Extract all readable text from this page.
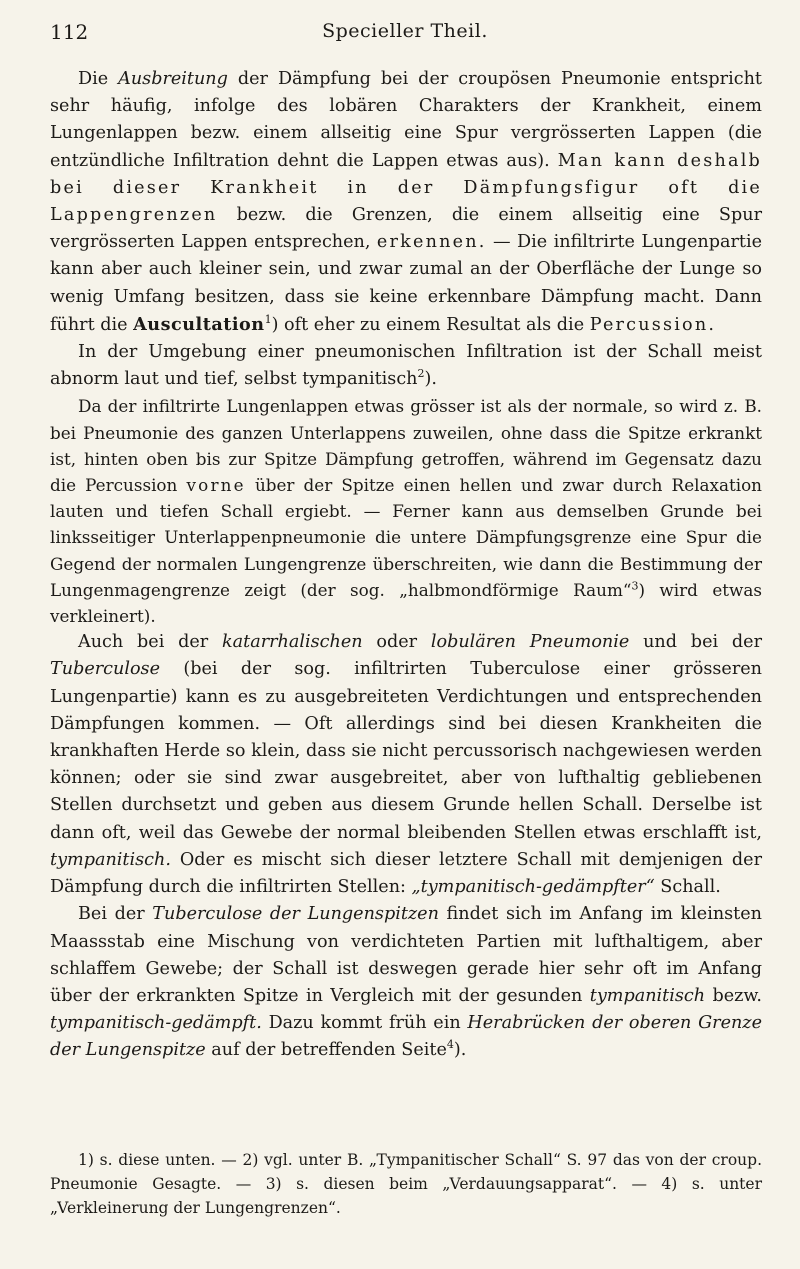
112	Specieller Theil.

Die Ausbreitung der Dämpfung bei der croupösen Pneumonie entspricht sehr häufig, infolge des lobären Charakters der Krankheit, einem Lungenlappen bezw. einem allseitig eine Spur vergrösserten Lappen (die entzündliche Infiltration dehnt die Lappen etwas aus). Man kann deshalb bei dieser Krankheit in der Dämpfungsfigur oft die Lappengrenzen bezw. die Grenzen, die einem allseitig eine Spur vergrösserten Lappen entsprechen, erkennen. — Die infiltrirte Lungenpartie kann aber auch kleiner sein, und zwar zumal an der Oberfläche der Lunge so wenig Umfang besitzen, dass sie keine erkennbare Dämpfung macht. Dann führt die Auscultation$^1$) oft eher zu einem Resultat als die Percussion.

In der Umgebung einer pneumonischen Infiltration ist der Schall meist abnorm laut und tief, selbst tympanitisch$^2$).

Da der infiltrirte Lungenlappen etwas grösser ist als der normale, so wird z. B. bei Pneumonie des ganzen Unterlappens zuweilen, ohne dass die Spitze erkrankt ist, hinten oben bis zur Spitze Dämpfung getroffen, während im Gegensatz dazu die Percussion vorne über der Spitze einen hellen und zwar durch Relaxation lauten und tiefen Schall ergiebt. — Ferner kann aus demselben Grunde bei linksseitiger Unterlappenpneumonie die untere Dämpfungsgrenze eine Spur die Gegend der normalen Lungengrenze überschreiten, wie dann die Bestimmung der Lungenmagengrenze zeigt (der sog. „halbmondförmige Raum“$^3$) wird etwas verkleinert).

Auch bei der katarrhalischen oder lobulären Pneumonie und bei der Tuberculose (bei der sog. infiltrirten Tuberculose einer grösseren Lungenpartie) kann es zu ausgebreiteten Verdichtungen und entsprechenden Dämpfungen kommen. — Oft allerdings sind bei diesen Krankheiten die krankhaften Herde so klein, dass sie nicht percussorisch nachgewiesen werden können; oder sie sind zwar ausgebreitet, aber von lufthaltig gebliebenen Stellen durchsetzt und geben aus diesem Grunde hellen Schall. Derselbe ist dann oft, weil das Gewebe der normal bleibenden Stellen etwas erschlafft ist, tympanitisch. Oder es mischt sich dieser letztere Schall mit demjenigen der Dämpfung durch die infiltrirten Stellen: „tympanitisch-gedämpfter“ Schall.

Bei der Tuberculose der Lungenspitzen findet sich im Anfang im kleinsten Maassstab eine Mischung von verdichteten Partien mit lufthaltigem, aber schlaffem Gewebe; der Schall ist deswegen gerade hier sehr oft im Anfang über der erkrankten Spitze in Vergleich mit der gesunden tympanitisch bezw. tympanitisch-gedämpft. Dazu kommt früh ein Herabrücken der oberen Grenze der Lungenspitze auf der betreffenden Seite$^4$).

1) s. diese unten. — 2) vgl. unter B. „Tympanitischer Schall“ S. 97 das von der croup. Pneumonie Gesagte. — 3) s. diesen beim „Verdauungsapparat“. — 4) s. unter „Verkleinerung der Lungengrenzen“.
